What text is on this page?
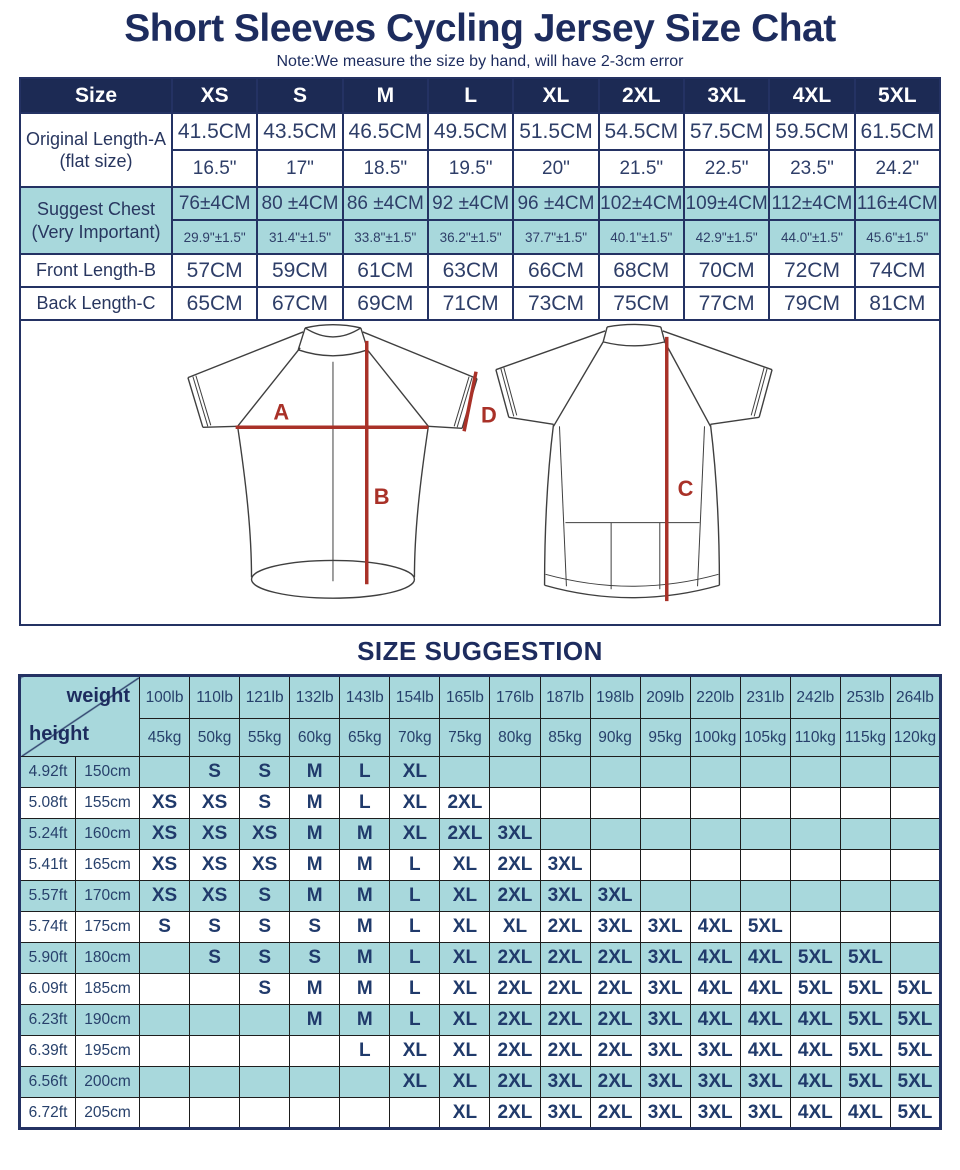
Short Sleeves Cycling Jersey Size Chat
Note:We measure the size by hand, will have 2-3cm error
Size	XS	S	M	L	XL	2XL	3XL	4XL	5XL

Original Length-A
(flat size)	41.5CM	43.5CM	46.5CM	49.5CM	51.5CM	54.5CM	57.5CM	59.5CM	61.5CM
	16.5"	17"	18.5"	19.5"	20"	21.5"	22.5"	23.5"	24.2"

Suggest Chest
(Very Important)	76±4CM	80 ±4CM	86 ±4CM	92 ±4CM	96 ±4CM	102±4CM	109±4CM	112±4CM	116±4CM
	29.9"±1.5"	31.4"±1.5"	33.8"±1.5"	36.2"±1.5"	37.7"±1.5"	40.1"±1.5"	42.9"±1.5"	44.0"±1.5"	45.6"±1.5"
Front Length-B	57CM	59CM	61CM	63CM	66CM	68CM	70CM	72CM	74CM
Back Length-C	65CM	67CM	69CM	71CM	73CM	75CM	77CM	79CM	81CM
A
B
D
C
SIZE SUGGESTION
weight
height		100lb	110lb	121lb	132lb	143lb	154lb	165lb	176lb	187lb	198lb	209lb	220lb	231lb	242lb	253lb	264lb
		45kg	50kg	55kg	60kg	65kg	70kg	75kg	80kg	85kg	90kg	95kg	100kg	105kg	110kg	115kg	120kg
4.92ft	150cm		S	S	M	L	XL										
5.08ft	155cm	XS	XS	S	M	L	XL	2XL									
5.24ft	160cm	XS	XS	XS	M	M	XL	2XL	3XL								
5.41ft	165cm	XS	XS	XS	M	M	L	XL	2XL	3XL							
5.57ft	170cm	XS	XS	S	M	M	L	XL	2XL	3XL	3XL						
5.74ft	175cm	S	S	S	S	M	L	XL	XL	2XL	3XL	3XL	4XL	5XL			
5.90ft	180cm		S	S	S	M	L	XL	2XL	2XL	2XL	3XL	4XL	4XL	5XL	5XL	
6.09ft	185cm			S	M	M	L	XL	2XL	2XL	2XL	3XL	4XL	4XL	5XL	5XL	5XL
6.23ft	190cm				M	M	L	XL	2XL	2XL	2XL	3XL	4XL	4XL	4XL	5XL	5XL
6.39ft	195cm					L	XL	XL	2XL	2XL	2XL	3XL	3XL	4XL	4XL	5XL	5XL
6.56ft	200cm						XL	XL	2XL	3XL	2XL	3XL	3XL	3XL	4XL	5XL	5XL
6.72ft	205cm							XL	2XL	3XL	2XL	3XL	3XL	3XL	4XL	4XL	5XL
